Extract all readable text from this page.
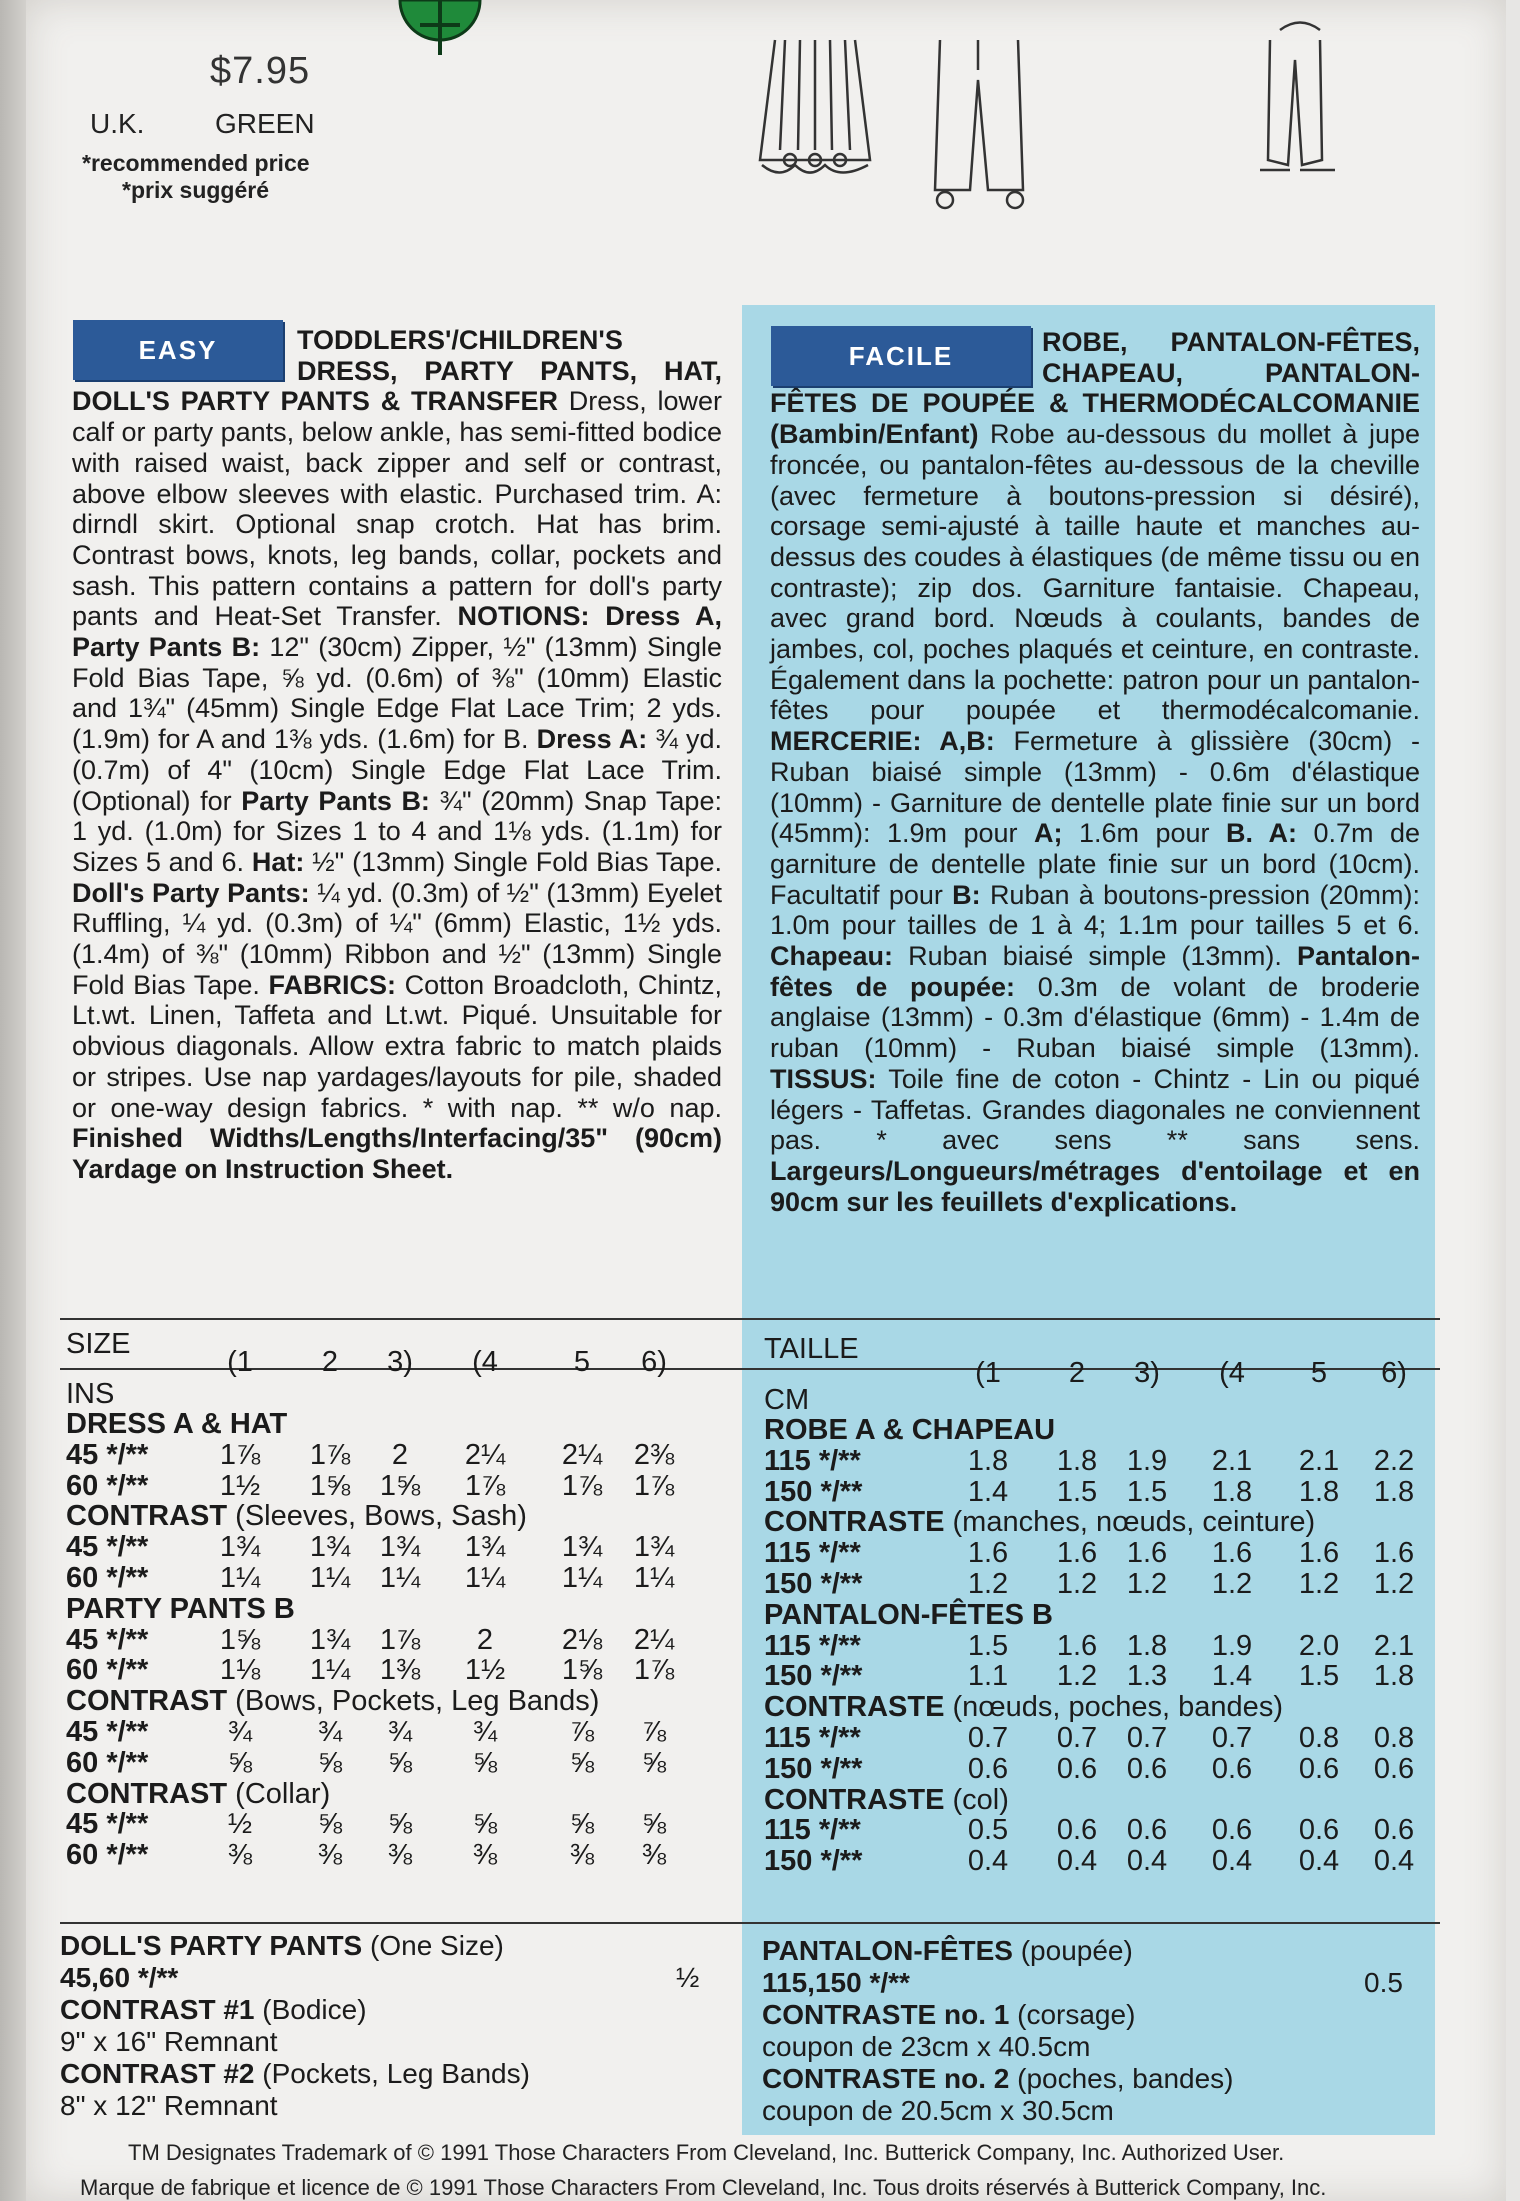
$7.95
U.K.	GREEN
*recommended price
*prix suggéré
EASY	TODDLERS'/CHILDREN'S DRESS, PARTY PANTS, HAT, DOLL'S PARTY PANTS & TRANSFER Dress, lower calf or party pants, below ankle, has semi-fitted bodice with raised waist, back zipper and self or contrast, above elbow sleeves with elastic. Purchased trim. A: dirndl skirt. Optional snap crotch. Hat has brim. Contrast bows, knots, leg bands, collar, pockets and sash. This pattern contains a pattern for doll's party pants and Heat-Set Transfer. NOTIONS: Dress A, Party Pants B: 12" (30cm) Zipper, ½" (13mm) Single Fold Bias Tape, ⅝ yd. (0.6m) of ⅜" (10mm) Elastic and 1¾" (45mm) Single Edge Flat Lace Trim; 2 yds. (1.9m) for A and 1⅜ yds. (1.6m) for B. Dress A: ¾ yd. (0.7m) of 4" (10cm) Single Edge Flat Lace Trim. (Optional) for Party Pants B: ¾" (20mm) Snap Tape: 1 yd. (1.0m) for Sizes 1 to 4 and 1⅛ yds. (1.1m) for Sizes 5 and 6. Hat: ½" (13mm) Single Fold Bias Tape. Doll's Party Pants: ¼ yd. (0.3m) of ½" (13mm) Eyelet Ruffling, ¼ yd. (0.3m) of ¼" (6mm) Elastic, 1½ yds. (1.4m) of ⅜" (10mm) Ribbon and ½" (13mm) Single Fold Bias Tape. FABRICS: Cotton Broadcloth, Chintz, Lt.wt. Linen, Taffeta and Lt.wt. Piqué. Unsuitable for obvious diagonals. Allow extra fabric to match plaids or stripes. Use nap yardages/layouts for pile, shaded or one-way design fabrics. * with nap. ** w/o nap. Finished Widths/Lengths/Interfacing/35" (90cm) Yardage on Instruction Sheet.
FACILE	ROBE, PANTALON-FÊTES, CHAPEAU, PANTALON-FÊTES DE POUPÉE & THERMODÉCALCOMANIE (Bambin/Enfant) Robe au-dessous du mollet à jupe froncée, ou pantalon-fêtes au-dessous de la cheville (avec fermeture à boutons-pression si désiré), corsage semi-ajusté à taille haute et manches au-dessus des coudes à élastiques (de même tissu ou en contraste); zip dos. Garniture fantaisie. Chapeau, avec grand bord. Nœuds à coulants, bandes de jambes, col, poches plaqués et ceinture, en contraste. Également dans la pochette: patron pour un pantalon-fêtes pour poupée et thermodécalcomanie. MERCERIE: A,B: Fermeture à glissière (30cm) - Ruban biaisé simple (13mm) - 0.6m d'élastique (10mm) - Garniture de dentelle plate finie sur un bord (45mm): 1.9m pour A; 1.6m pour B. A: 0.7m de garniture de dentelle plate finie sur un bord (10cm). Facultatif pour B: Ruban à boutons-pression (20mm): 1.0m pour tailles de 1 à 4; 1.1m pour tailles 5 et 6. Chapeau: Ruban biaisé simple (13mm). Pantalon-fêtes de poupée: 0.3m de volant de broderie anglaise (13mm) - 0.3m d'élastique (6mm) - 1.4m de ruban (10mm) - Ruban biaisé simple (13mm). TISSUS: Toile fine de coton - Chintz - Lin ou piqué légers - Taffetas. Grandes diagonales ne conviennent pas. * avec sens ** sans sens. Largeurs/Longueurs/métrages d'entoilage et en 90cm sur les feuillets d'explications.
SIZE
INS
(1	2	3)	(4	5	6)
DRESS A & HAT
45 */**	1⅞	1⅞	2	2¼	2¼	2⅜
60 */**	1½	1⅝	1⅝	1⅞	1⅞	1⅞
CONTRAST (Sleeves, Bows, Sash)
45 */**	1¾	1¾	1¾	1¾	1¾	1¾
60 */**	1¼	1¼	1¼	1¼	1¼	1¼
PARTY PANTS B
45 */**	1⅝	1¾	1⅞	2	2⅛	2¼
60 */**	1⅛	1¼	1⅜	1½	1⅝	1⅞
CONTRAST (Bows, Pockets, Leg Bands)
45 */**	¾	¾	¾	¾	⅞	⅞
60 */**	⅝	⅝	⅝	⅝	⅝	⅝
CONTRAST (Collar)
45 */**	½	⅝	⅝	⅝	⅝	⅝
60 */**	⅜	⅜	⅜	⅜	⅜	⅜
TAILLE
CM
(1	2	3)	(4	5	6)
ROBE A & CHAPEAU
115 */**	1.8	1.8	1.9	2.1	2.1	2.2
150 */**	1.4	1.5	1.5	1.8	1.8	1.8
CONTRASTE (manches, nœuds, ceinture)
115 */**	1.6	1.6	1.6	1.6	1.6	1.6
150 */**	1.2	1.2	1.2	1.2	1.2	1.2
PANTALON-FÊTES B
115 */**	1.5	1.6	1.8	1.9	2.0	2.1
150 */**	1.1	1.2	1.3	1.4	1.5	1.8
CONTRASTE (nœuds, poches, bandes)
115 */**	0.7	0.7	0.7	0.7	0.8	0.8
150 */**	0.6	0.6	0.6	0.6	0.6	0.6
CONTRASTE (col)
115 */**	0.5	0.6	0.6	0.6	0.6	0.6
150 */**	0.4	0.4	0.4	0.4	0.4	0.4
DOLL'S PARTY PANTS (One Size)
45,60 */**	½
CONTRAST #1 (Bodice)
9" x 16" Remnant
CONTRAST #2 (Pockets, Leg Bands)
8" x 12" Remnant
PANTALON-FÊTES (poupée)
115,150 */**	0.5
CONTRASTE no. 1 (corsage)
coupon de 23cm x 40.5cm
CONTRASTE no. 2 (poches, bandes)
coupon de 20.5cm x 30.5cm
TM Designates Trademark of © 1991 Those Characters From Cleveland, Inc. Butterick Company, Inc. Authorized User.
Marque de fabrique et licence de © 1991 Those Characters From Cleveland, Inc. Tous droits réservés à Butterick Company, Inc.
